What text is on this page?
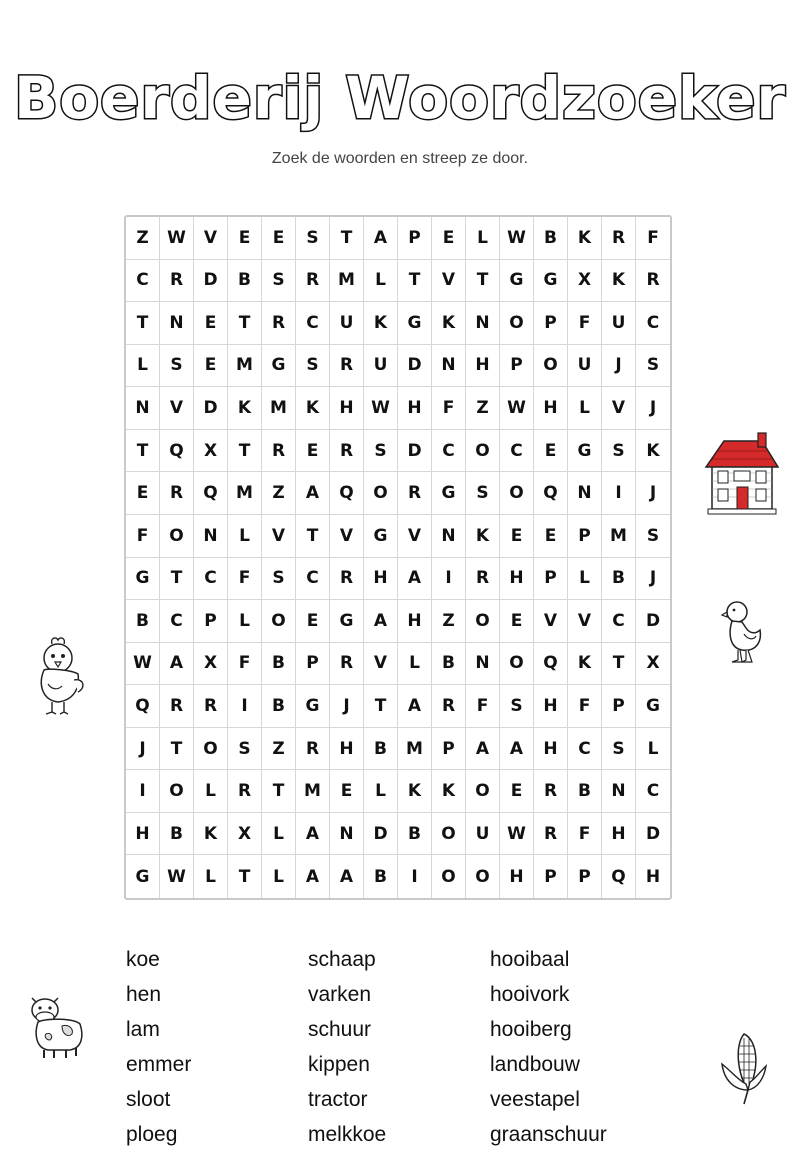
Boerderij Woordzoeker
Zoek de woorden en streep ze door.
Z	W	V	E	E	S	T	A	P	E	L	W	B	K	R	F
C	R	D	B	S	R	M	L	T	V	T	G	G	X	K	R
T	N	E	T	R	C	U	K	G	K	N	O	P	F	U	C
L	S	E	M	G	S	R	U	D	N	H	P	O	U	J	S
N	V	D	K	M	K	H	W	H	F	Z	W	H	L	V	J
T	Q	X	T	R	E	R	S	D	C	O	C	E	G	S	K
E	R	Q	M	Z	A	Q	O	R	G	S	O	Q	N	I	J
F	O	N	L	V	T	V	G	V	N	K	E	E	P	M	S
G	T	C	F	S	C	R	H	A	I	R	H	P	L	B	J
B	C	P	L	O	E	G	A	H	Z	O	E	V	V	C	D
W	A	X	F	B	P	R	V	L	B	N	O	Q	K	T	X
Q	R	R	I	B	G	J	T	A	R	F	S	H	F	P	G
J	T	O	S	Z	R	H	B	M	P	A	A	H	C	S	L
I	O	L	R	T	M	E	L	K	K	O	E	R	B	N	C
H	B	K	X	L	A	N	D	B	O	U	W	R	F	H	D
G	W	L	T	L	A	A	B	I	O	O	H	P	P	Q	H
koe	schaap	hooibaal
hen	varken	hooivork
lam	schuur	hooiberg
emmer	kippen	landbouw
sloot	tractor	veestapel
ploeg	melkkoe	graanschuur
